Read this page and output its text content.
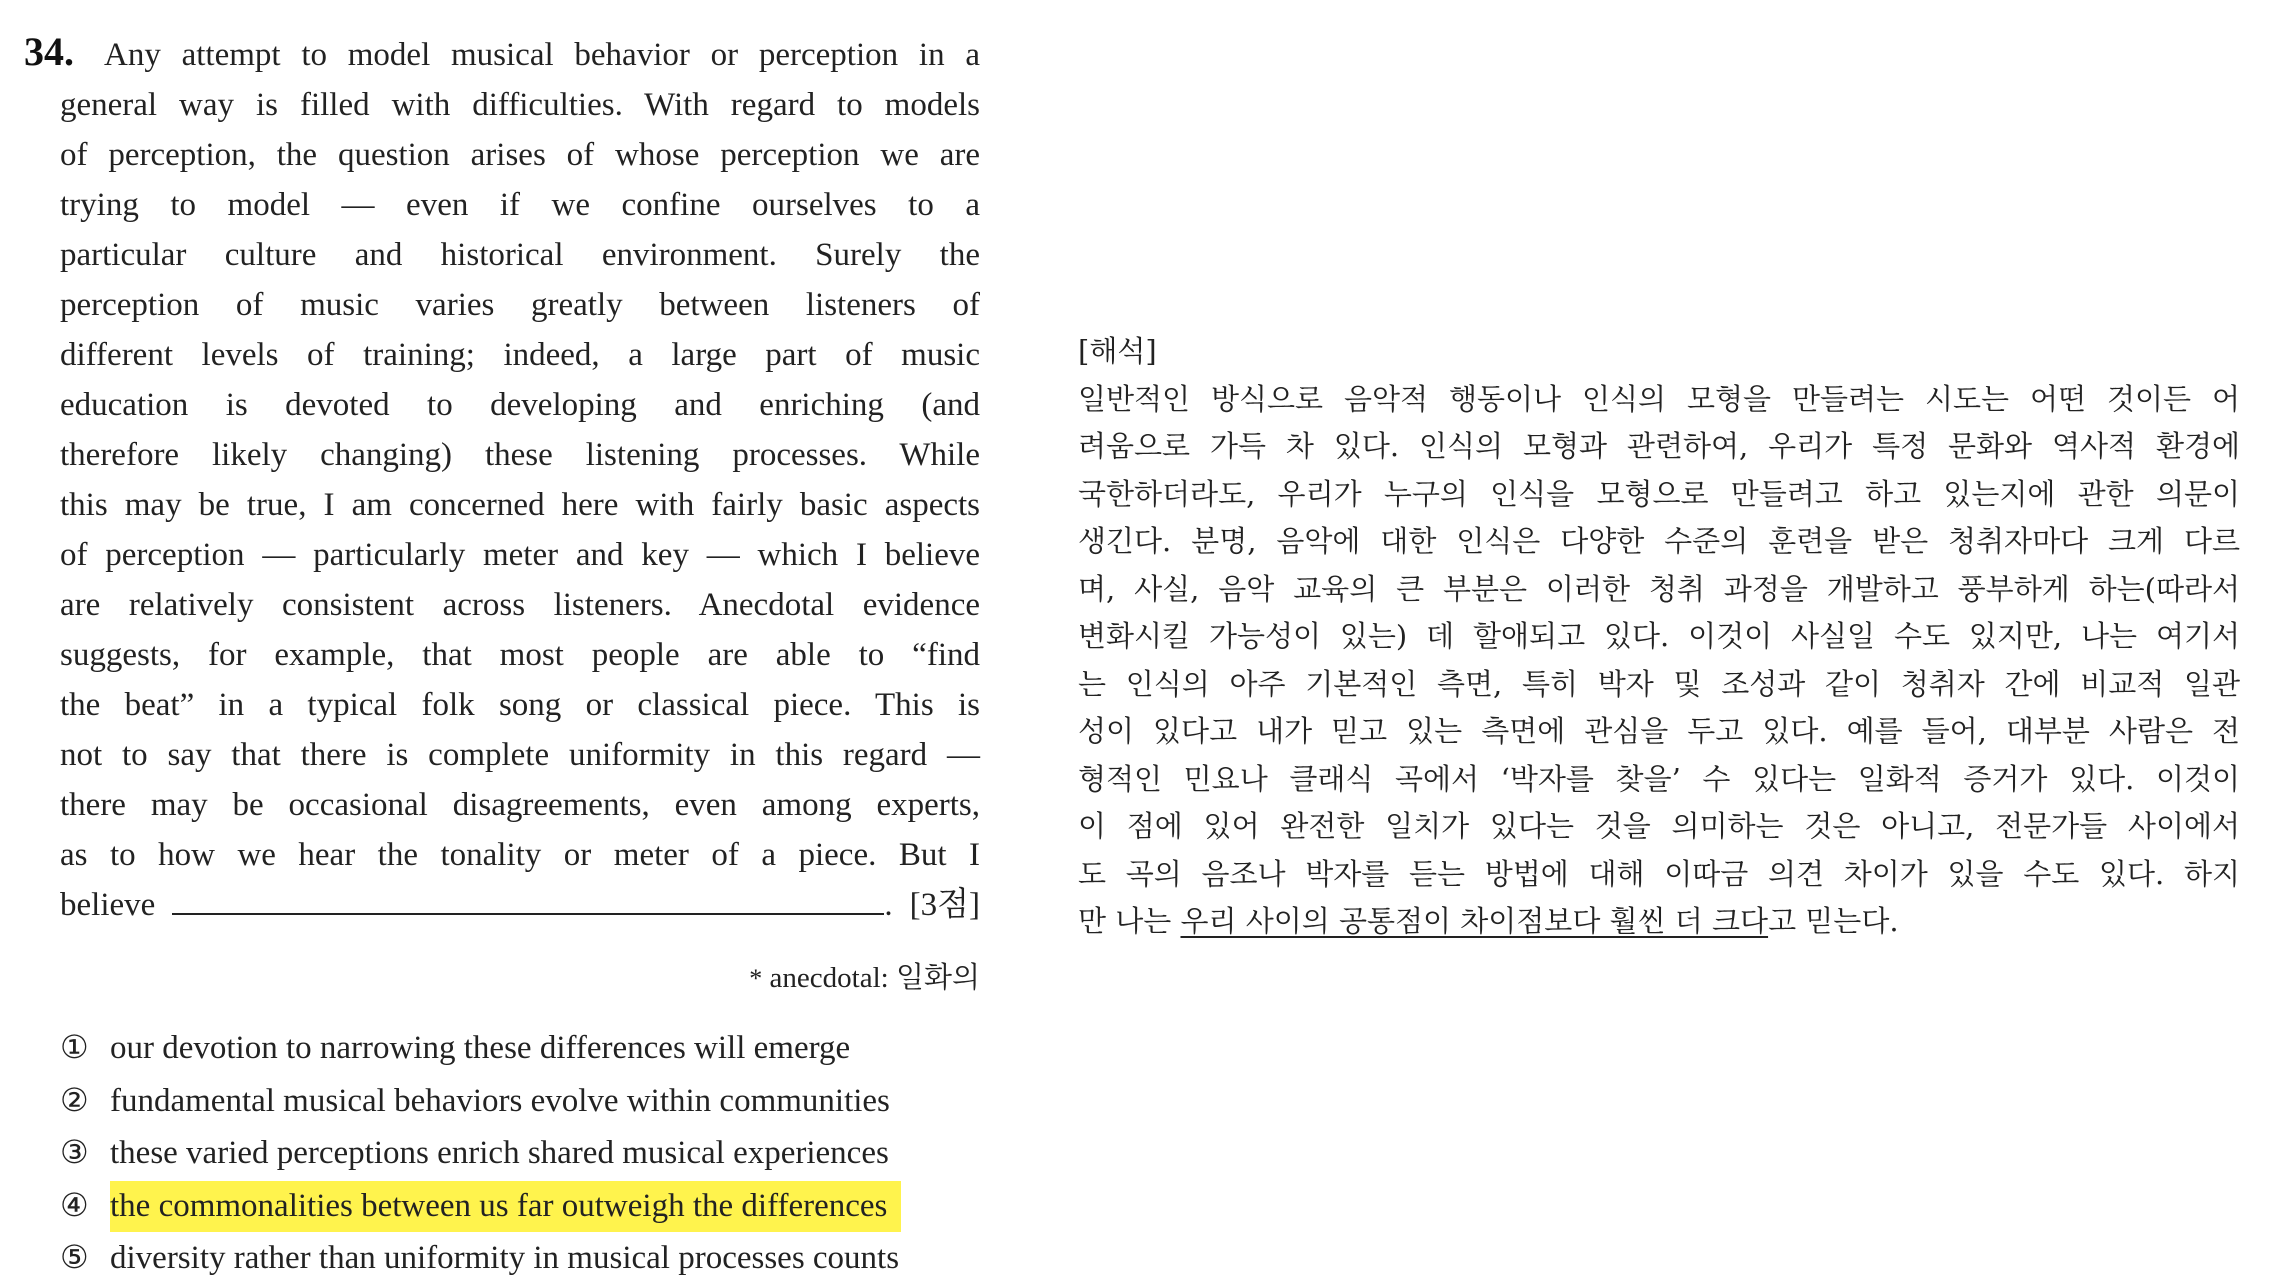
34. Any attempt to model musical behavior or perception in a
general way is filled with difficulties. With regard to models
of perception, the question arises of whose perception we are
trying to model — even if we confine ourselves to a
particular culture and historical environment. Surely the
perception of music varies greatly between listeners of
different levels of training; indeed, a large part of music
education is devoted to developing and enriching (and
therefore likely changing) these listening processes. While
this may be true, I am concerned here with fairly basic aspects
of perception — particularly meter and key — which I believe
are relatively consistent across listeners. Anecdotal evidence
suggests, for example, that most people are able to “find
the beat” in a typical folk song or classical piece. This is
not to say that there is complete uniformity in this regard —
there may be occasional disagreements, even among experts,
as to how we hear the tonality or meter of a piece. But I
believe	. [3점]
* anecdotal: 일화의
① our devotion to narrowing these differences will emerge
② fundamental musical behaviors evolve within communities
③ these varied perceptions enrich shared musical experiences
④ the commonalities between us far outweigh the differences
⑤ diversity rather than uniformity in musical processes counts
[해석]
일반적인 방식으로 음악적 행동이나 인식의 모형을 만들려는 시도는 어떤 것이든 어
려움으로 가득 차 있다. 인식의 모형과 관련하여, 우리가 특정 문화와 역사적 환경에
국한하더라도, 우리가 누구의 인식을 모형으로 만들려고 하고 있는지에 관한 의문이
생긴다. 분명, 음악에 대한 인식은 다양한 수준의 훈련을 받은 청취자마다 크게 다르
며, 사실, 음악 교육의 큰 부분은 이러한 청취 과정을 개발하고 풍부하게 하는(따라서
변화시킬 가능성이 있는) 데 할애되고 있다. 이것이 사실일 수도 있지만, 나는 여기서
는 인식의 아주 기본적인 측면, 특히 박자 및 조성과 같이 청취자 간에 비교적 일관
성이 있다고 내가 믿고 있는 측면에 관심을 두고 있다. 예를 들어, 대부분 사람은 전
형적인 민요나 클래식 곡에서 ‘박자를 찾을’ 수 있다는 일화적 증거가 있다. 이것이
이 점에 있어 완전한 일치가 있다는 것을 의미하는 것은 아니고, 전문가들 사이에서
도 곡의 음조나 박자를 듣는 방법에 대해 이따금 의견 차이가 있을 수도 있다. 하지
만 나는 우리 사이의 공통점이 차이점보다 훨씬 더 크다고 믿는다.
